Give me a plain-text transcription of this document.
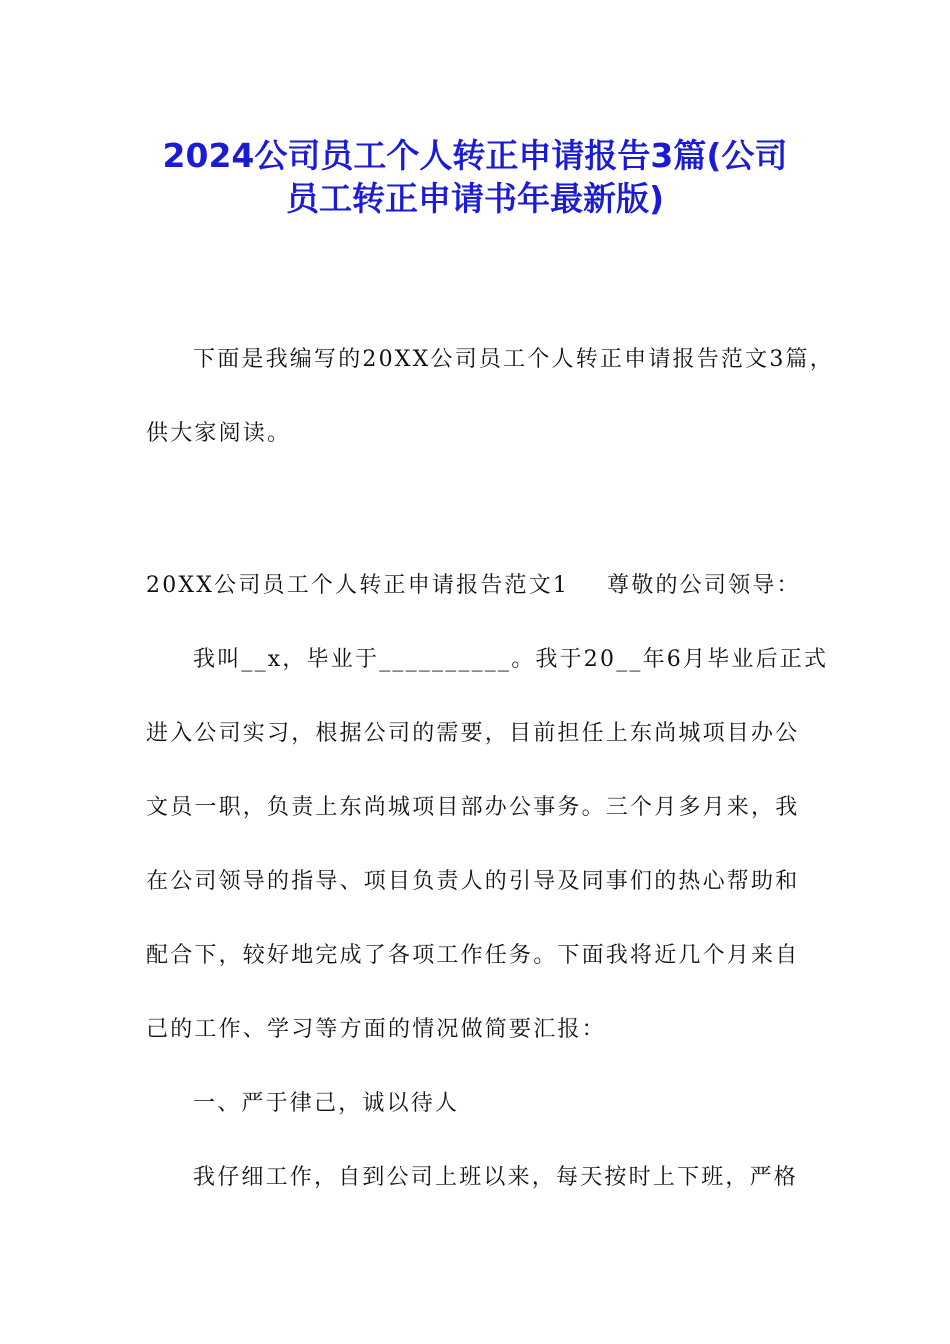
2024公司员工个人转正申请报告3篇(公司
员工转正申请书年最新版)
下面是我编写的20XX公司员工个人转正申请报告范文3篇，
供大家阅读。
20XX公司员工个人转正申请报告范文1 尊敬的公司领导：
我叫__x，毕业于__________。我于20__年6月毕业后正式
进入公司实习，根据公司的需要，目前担任上东尚城项目办公
文员一职，负责上东尚城项目部办公事务。三个月多月来，我
在公司领导的指导、项目负责人的引导及同事们的热心帮助和
配合下，较好地完成了各项工作任务。下面我将近几个月来自
己的工作、学习等方面的情况做简要汇报：
一、严于律己，诚以待人
我仔细工作，自到公司上班以来，每天按时上下班，严格
